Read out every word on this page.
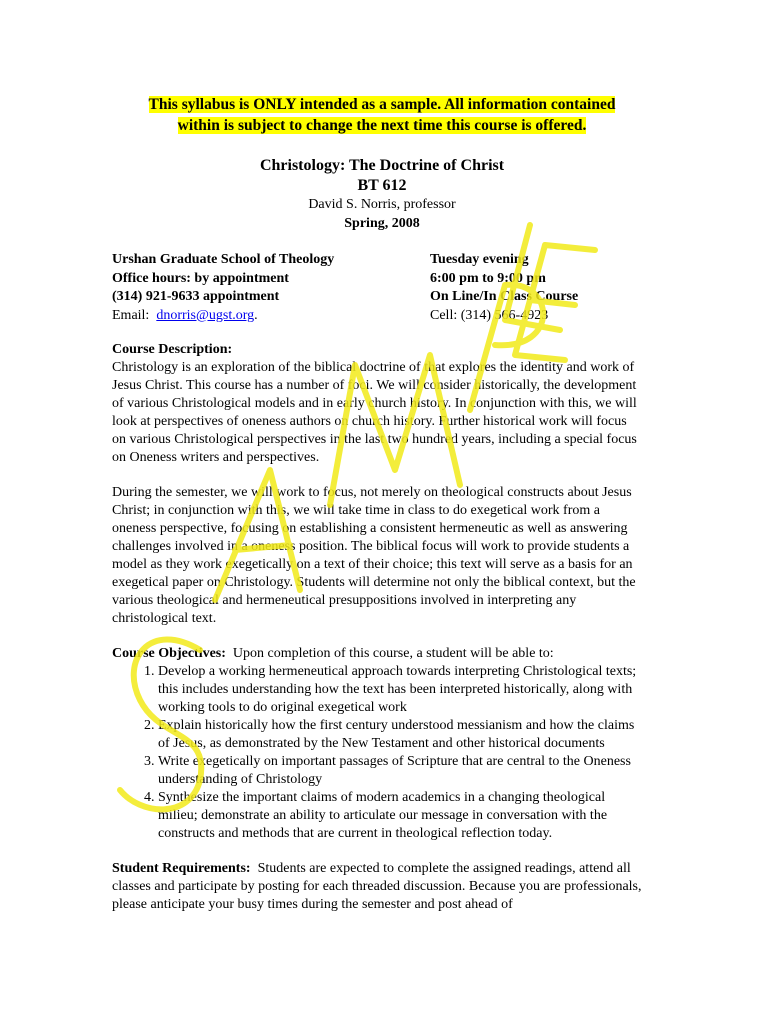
This syllabus is ONLY intended as a sample. All information contained
within is subject to change the next time this course is offered.
Christology: The Doctrine of Christ
BT 612
David S. Norris, professor
Spring, 2008
Urshan Graduate School of Theology	Tuesday evening
Office hours: by appointment	6:00 pm to 9:00 pm
(314) 921-9633 appointment	On Line/In Class Course
Email: dnorris@ugst.org.	Cell: (314) 566-4923

Course Description:

Christology is an exploration of the biblical doctrine of that explores the identity and work of Jesus Christ. This course has a number of foci. We will consider historically, the development of various Christological models and in early church history. In conjunction with this, we will look at perspectives of oneness authors on church history. Further historical work will focus on various Christological perspectives in the last two hundred years, including a special focus on Oneness writers and perspectives.

During the semester, we will work to focus, not merely on theological constructs about Jesus Christ; in conjunction with this, we will take time in class to do exegetical work from a oneness perspective, focusing on establishing a consistent hermeneutic as well as answering challenges involved in a oneness position. The biblical focus will work to provide students a model as they work exegetically on a text of their choice; this text will serve as a basis for an exegetical paper on Christology. Students will determine not only the biblical context, but the various theological and hermeneutical presuppositions involved in interpreting any christological text.

Course Objectives: Upon completion of this course, a student will be able to:

1. Develop a working hermeneutical approach towards interpreting Christological texts; this includes understanding how the text has been interpreted historically, along with working tools to do original exegetical work
2. Explain historically how the first century understood messianism and how the claims of Jesus, as demonstrated by the New Testament and other historical documents
3. Write exegetically on important passages of Scripture that are central to the Oneness understanding of Christology
4. Synthesize the important claims of modern academics in a changing theological milieu; demonstrate an ability to articulate our message in conversation with the constructs and methods that are current in theological reflection today.

Student Requirements: Students are expected to complete the assigned readings, attend all classes and participate by posting for each threaded discussion. Because you are professionals, please anticipate your busy times during the semester and post ahead of
